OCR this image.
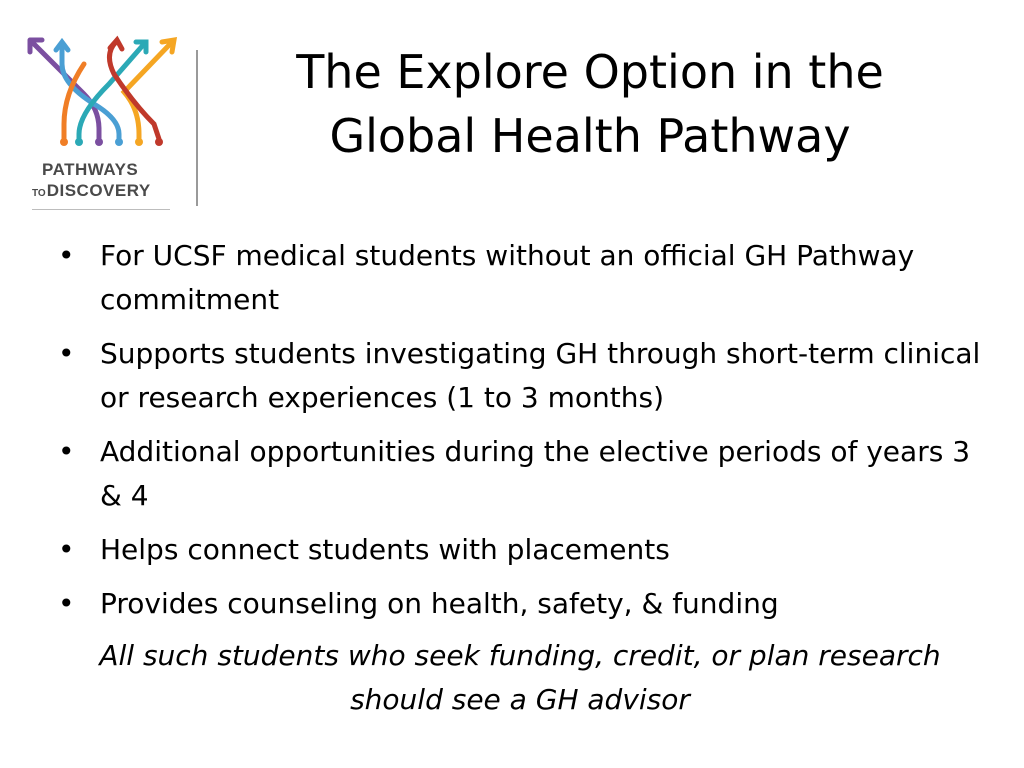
PATHWAYS
TODISCOVERY
The Explore Option in the
Global Health Pathway
• For UCSF medical students without an official GH Pathway commitment
• Supports students investigating GH through short-term clinical or research experiences (1 to 3 months)
• Additional opportunities during the elective periods of years 3 & 4
• Helps connect students with placements
• Provides counseling on health, safety, & funding
All such students who seek funding, credit, or plan research
should see a GH advisor
